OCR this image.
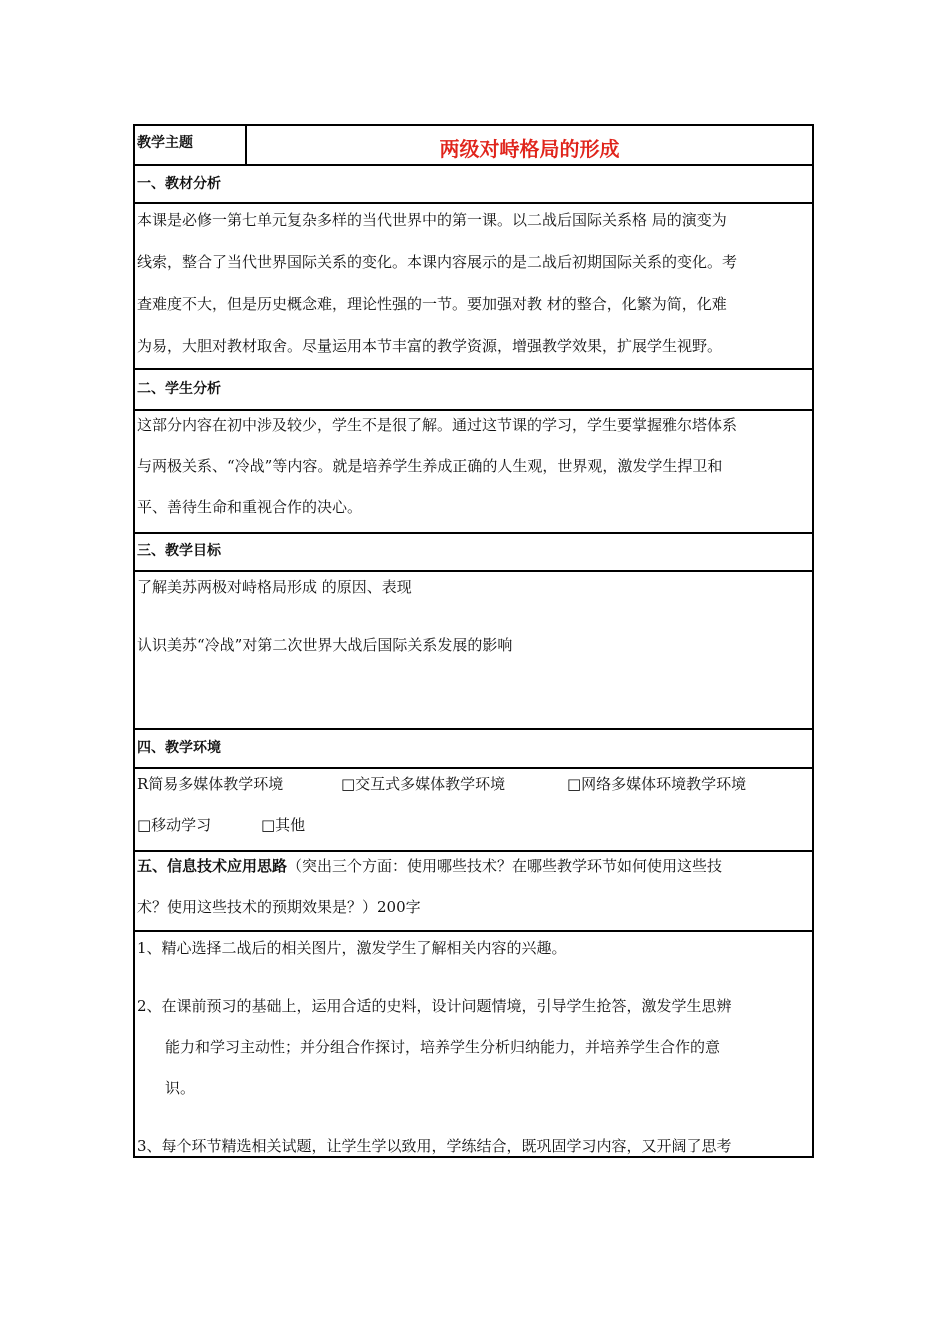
教学主题	两级对峙格局的形成
一、教材分析
本课是必修一第七单元复杂多样的当代世界中的第一课。以二战后国际关系格 局的演变为
线索，整合了当代世界国际关系的变化。本课内容展示的是二战后初期国际关系的变化。考
查难度不大，但是历史概念难，理论性强的一节。要加强对教 材的整合，化繁为简，化难
为易，大胆对教材取舍。尽量运用本节丰富的教学资源，增强教学效果，扩展学生视野。
二、学生分析
这部分内容在初中涉及较少，学生不是很了解。通过这节课的学习，学生要掌握雅尔塔体系
与两极关系、“冷战”等内容。就是培养学生养成正确的人生观，世界观，激发学生捍卫和
平、善待生命和重视合作的决心。
三、教学目标
了解美苏两极对峙格局形成 的原因、表现
认识美苏“冷战”对第二次世界大战后国际关系发展的影响
四、教学环境
R简易多媒体教学环境	□交互式多媒体教学环境	□网络多媒体环境教学环境
□移动学习	□其他
五、信息技术应用思路（突出三个方面：使用哪些技术？在哪些教学环节如何使用这些技
术？使用这些技术的预期效果是？）200字
1、精心选择二战后的相关图片，激发学生了解相关内容的兴趣。
2、在课前预习的基础上，运用合适的史料，设计问题情境，引导学生抢答，激发学生思辨
能力和学习主动性；并分组合作探讨，培养学生分析归纳能力，并培养学生合作的意
识。
3、每个环节精选相关试题，让学生学以致用，学练结合，既巩固学习内容，又开阔了思考
